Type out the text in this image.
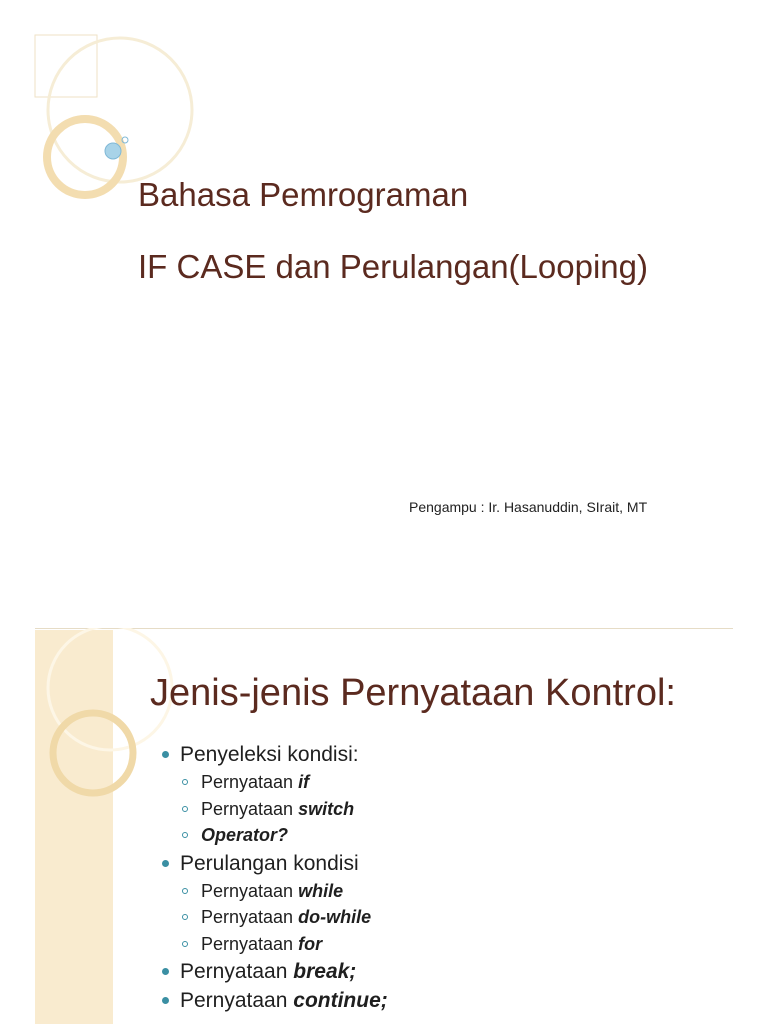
Bahasa Pemrograman
IF CASE dan Perulangan(Looping)
Pengampu : Ir. Hasanuddin, SIrait, MT
Jenis-jenis Pernyataan Kontrol:
Penyeleksi kondisi:
Pernyataan if
Pernyataan switch
Operator?
Perulangan kondisi
Pernyataan while
Pernyataan do-while
Pernyataan for
Pernyataan break;
Pernyataan continue;
